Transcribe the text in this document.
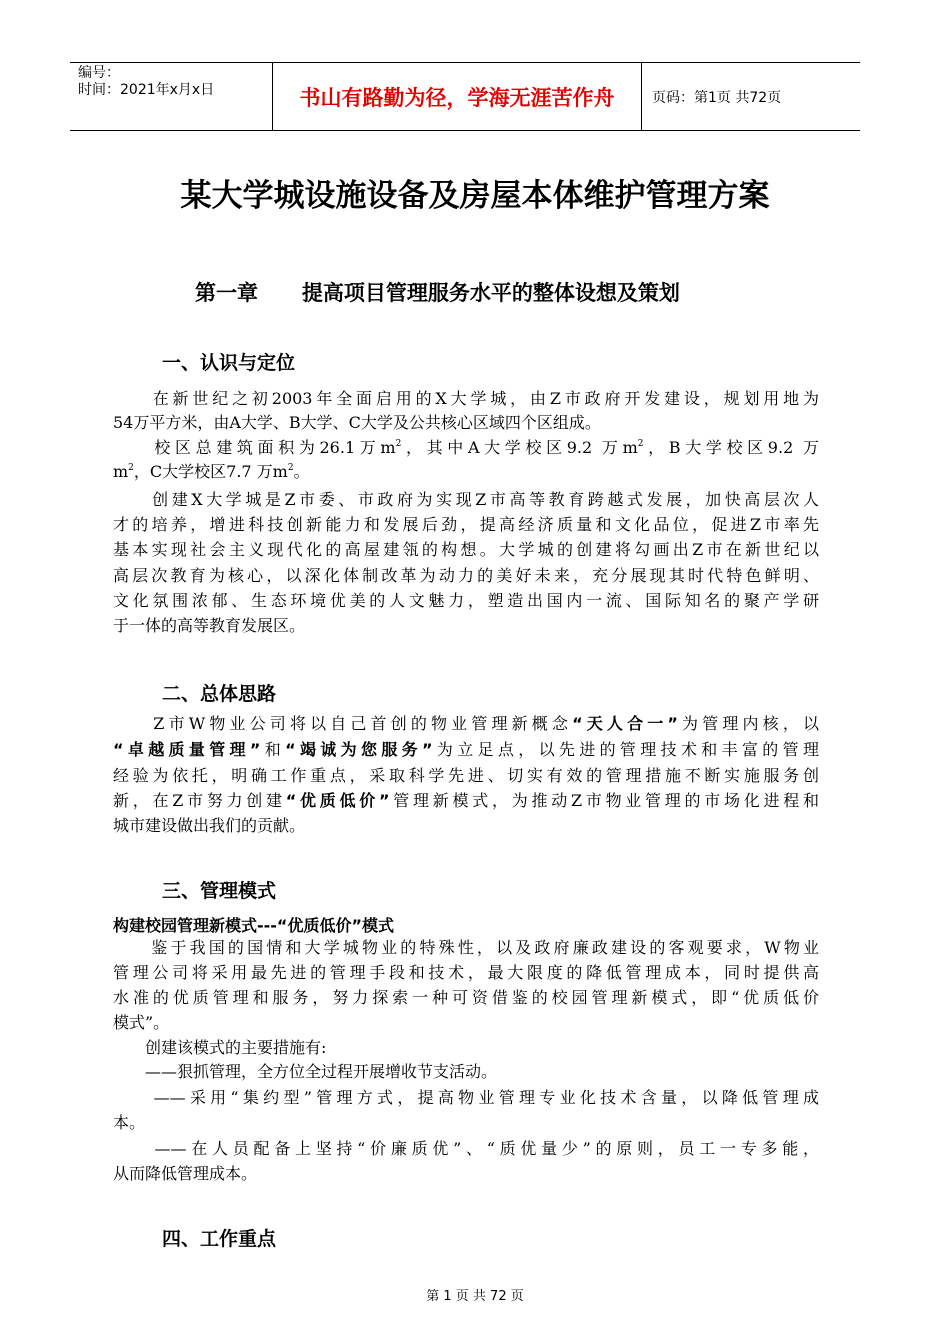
编号：
时间：2021年x月x日	书山有路勤为径，学海无涯苦作舟	页码：第1页 共72页
某大学城设施设备及房屋本体维护管理方案
第一章      提高项目管理服务水平的整体设想及策划
一、认识与定位
　　在新世纪之初2003年全面启用的X大学城，由Z市政府开发建设，规划用地为
54万平方米，由A大学、B大学、C大学及公共核心区域四个区组成。
　　校区总建筑面积为26.1万$m^2$，其中A大学校区9.2 万$m^2$，B大学校区9.2 万
$m^2$，C大学校区7.7 万$m^2$。
　　创建X大学城是Z市委、市政府为实现Z市高等教育跨越式发展，加快高层次人
才的培养，增进科技创新能力和发展后劲，提高经济质量和文化品位，促进Z市率先
基本实现社会主义现代化的高屋建瓴的构想。大学城的创建将勾画出Z市在新世纪以
高层次教育为核心，以深化体制改革为动力的美好未来，充分展现其时代特色鲜明、
文化氛围浓郁、生态环境优美的人文魅力，塑造出国内一流、国际知名的聚产学研
于一体的高等教育发展区。
二、总体思路
　　Z市W物业公司将以自己首创的物业管理新概念“天人合一”为管理内核，以
“卓越质量管理”和“竭诚为您服务”为立足点，以先进的管理技术和丰富的管理
经验为依托，明确工作重点，采取科学先进、切实有效的管理措施不断实施服务创
新，在Z市努力创建“优质低价”管理新模式，为推动Z市物业管理的市场化进程和
城市建设做出我们的贡献。
三、管理模式
构建校园管理新模式---“优质低价”模式
　　鉴于我国的国情和大学城物业的特殊性，以及政府廉政建设的客观要求，W物业
管理公司将采用最先进的管理手段和技术，最大限度的降低管理成本，同时提供高
水准的优质管理和服务，努力探索一种可资借鉴的校园管理新模式，即“优质低价
模式”。
　　创建该模式的主要措施有:
　　——狠抓管理，全方位全过程开展增收节支活动。
　　——采用“集约型”管理方式，提高物业管理专业化技术含量，以降低管理成
本。
　　——在人员配备上坚持“价廉质优”、“质优量少”的原则，员工一专多能，
从而降低管理成本。
四、工作重点
第 1 页 共 72 页
